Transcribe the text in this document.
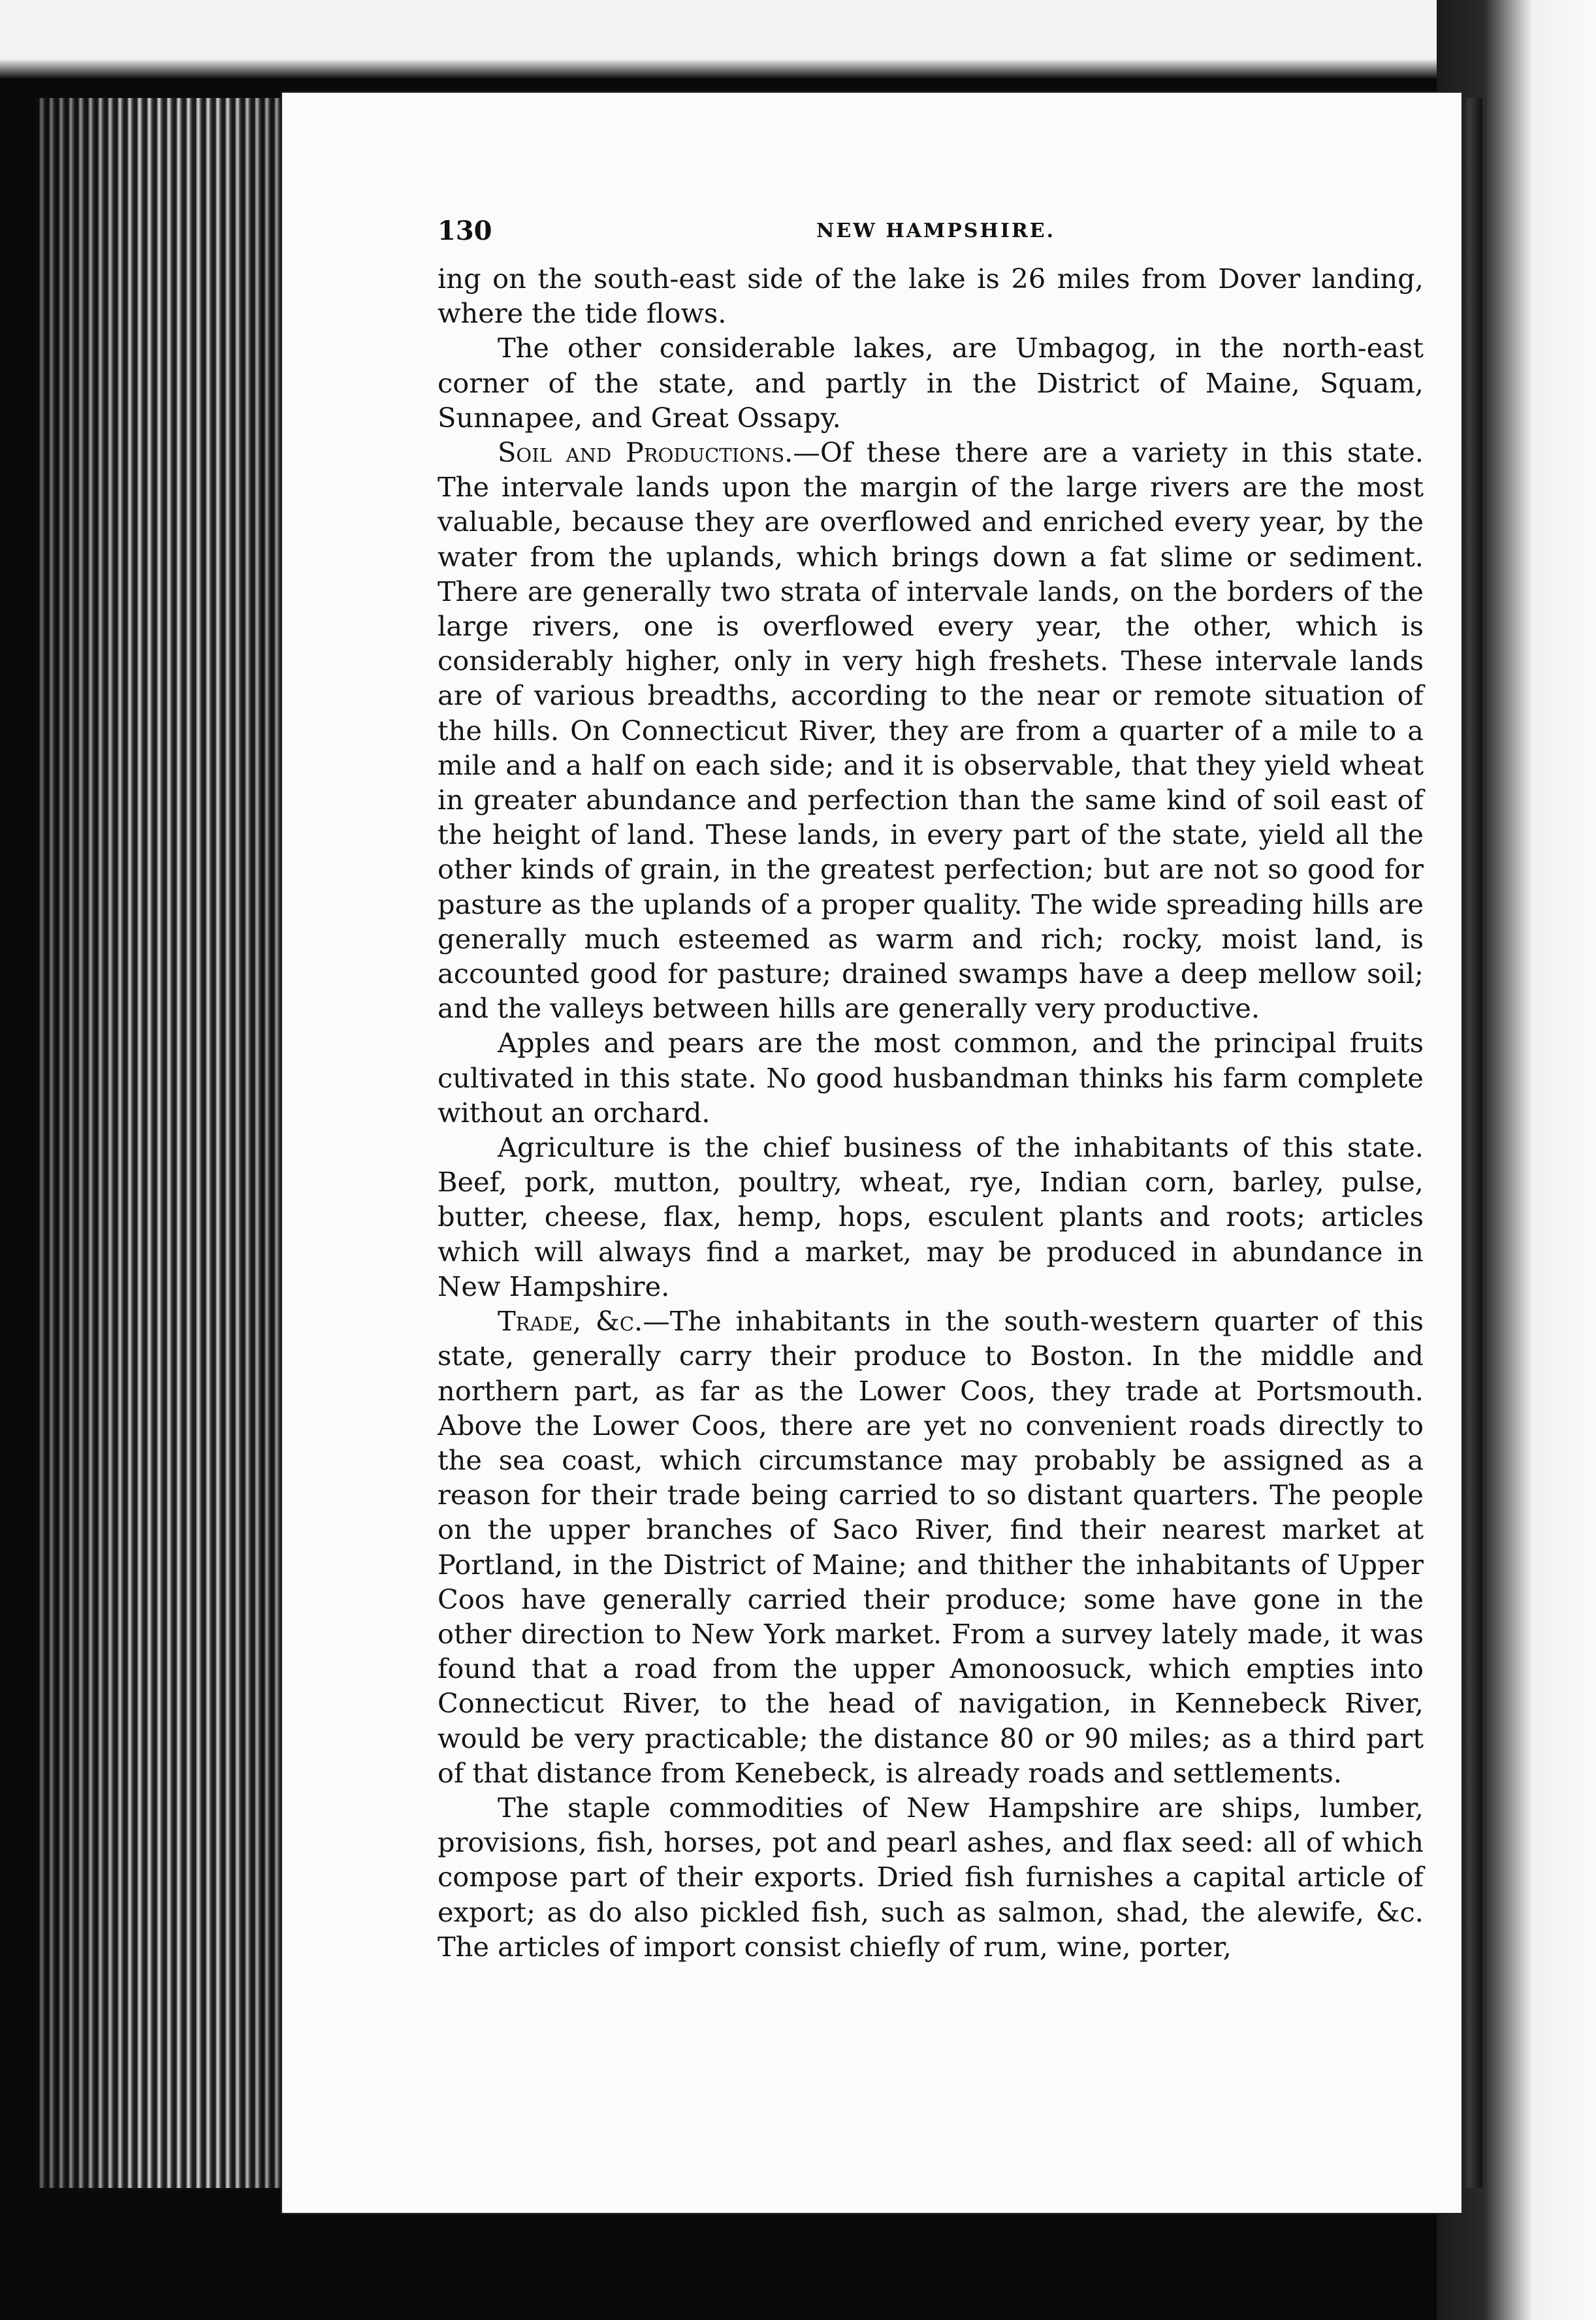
130	NEW HAMPSHIRE.

ing on the south-east side of the lake is 26 miles from Dover landing, where the tide flows.

The other considerable lakes, are Umbagog, in the north-east corner of the state, and partly in the District of Maine, Squam, Sunnapee, and Great Ossapy.

Soil and Productions.—Of these there are a variety in this state. The intervale lands upon the margin of the large rivers are the most valuable, because they are overflowed and enriched every year, by the water from the uplands, which brings down a fat slime or sediment. There are generally two strata of intervale lands, on the borders of the large rivers, one is overflowed every year, the other, which is considerably higher, only in very high freshets. These intervale lands are of various breadths, according to the near or remote situation of the hills. On Connecticut River, they are from a quarter of a mile to a mile and a half on each side; and it is observable, that they yield wheat in greater abundance and perfection than the same kind of soil east of the height of land. These lands, in every part of the state, yield all the other kinds of grain, in the greatest perfection; but are not so good for pasture as the uplands of a proper quality. The wide spreading hills are generally much esteemed as warm and rich; rocky, moist land, is accounted good for pasture; drained swamps have a deep mellow soil; and the valleys between hills are generally very productive.

Apples and pears are the most common, and the principal fruits cultivated in this state. No good husbandman thinks his farm complete without an orchard.

Agriculture is the chief business of the inhabitants of this state. Beef, pork, mutton, poultry, wheat, rye, Indian corn, barley, pulse, butter, cheese, flax, hemp, hops, esculent plants and roots; articles which will always find a market, may be produced in abundance in New Hampshire.

Trade, &c.—The inhabitants in the south-western quarter of this state, generally carry their produce to Boston. In the middle and northern part, as far as the Lower Coos, they trade at Portsmouth. Above the Lower Coos, there are yet no convenient roads directly to the sea coast, which circumstance may probably be assigned as a reason for their trade being carried to so distant quarters. The people on the upper branches of Saco River, find their nearest market at Portland, in the District of Maine; and thither the inhabitants of Upper Coos have generally carried their produce; some have gone in the other direction to New York market. From a survey lately made, it was found that a road from the upper Amonoosuck, which empties into Connecticut River, to the head of navigation, in Kennebeck River, would be very practicable; the distance 80 or 90 miles; as a third part of that distance from Kenebeck, is already roads and settlements.

The staple commodities of New Hampshire are ships, lumber, provisions, fish, horses, pot and pearl ashes, and flax seed: all of which compose part of their exports. Dried fish furnishes a capital article of export; as do also pickled fish, such as salmon, shad, the alewife, &c. The articles of import consist chiefly of rum, wine, porter,
